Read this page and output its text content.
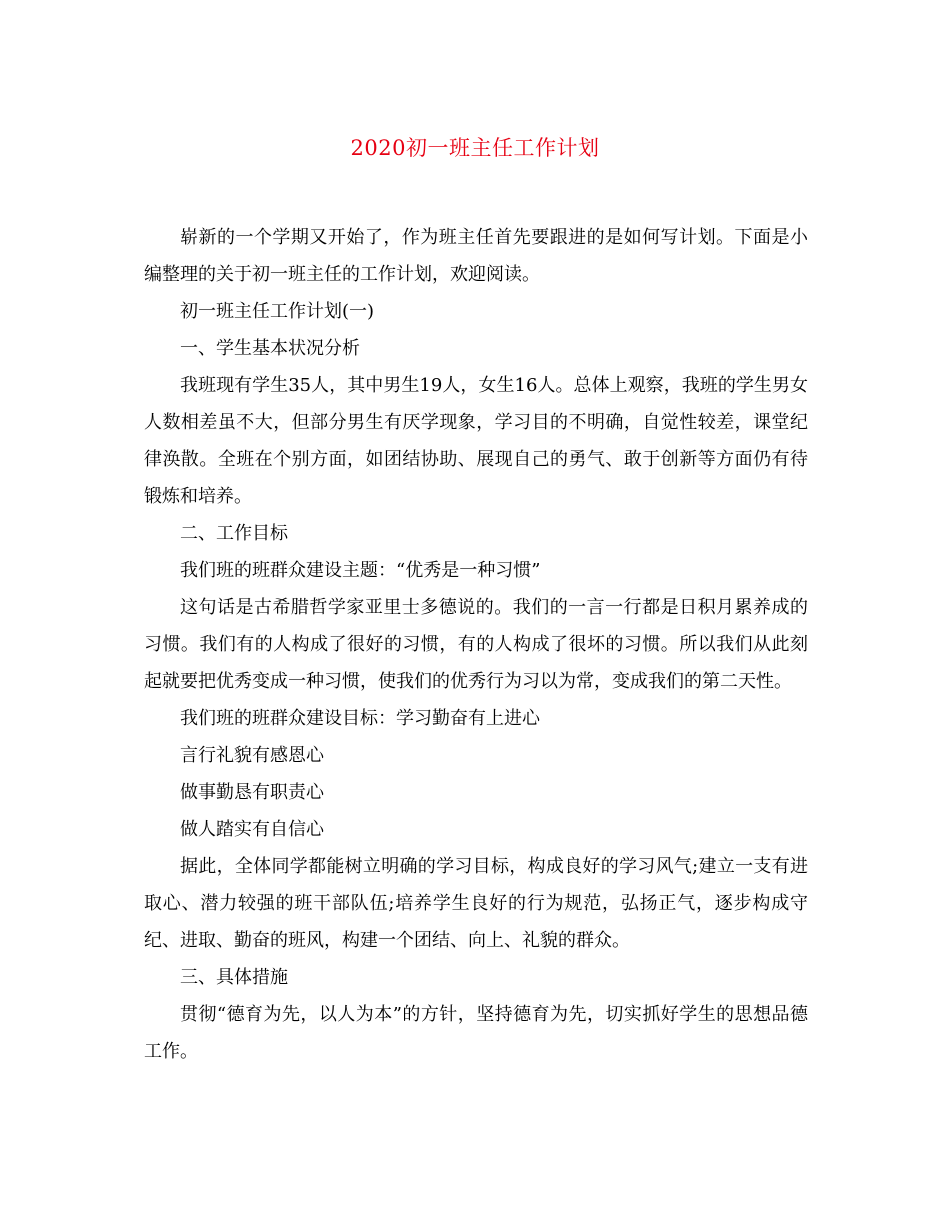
2020初一班主任工作计划

崭新的一个学期又开始了，作为班主任首先要跟进的是如何写计划。下面是小编整理的关于初一班主任的工作计划，欢迎阅读。

初一班主任工作计划(一)

一、学生基本状况分析

我班现有学生35人，其中男生19人，女生16人。总体上观察，我班的学生男女人数相差虽不大，但部分男生有厌学现象，学习目的不明确，自觉性较差，课堂纪律涣散。全班在个别方面，如团结协助、展现自己的勇气、敢于创新等方面仍有待锻炼和培养。

二、工作目标

我们班的班群众建设主题：“优秀是一种习惯”

这句话是古希腊哲学家亚里士多德说的。我们的一言一行都是日积月累养成的习惯。我们有的人构成了很好的习惯，有的人构成了很坏的习惯。所以我们从此刻起就要把优秀变成一种习惯，使我们的优秀行为习以为常，变成我们的第二天性。

我们班的班群众建设目标：学习勤奋有上进心

言行礼貌有感恩心

做事勤恳有职责心

做人踏实有自信心

据此，全体同学都能树立明确的学习目标，构成良好的学习风气;建立一支有进取心、潜力较强的班干部队伍;培养学生良好的行为规范，弘扬正气，逐步构成守纪、进取、勤奋的班风，构建一个团结、向上、礼貌的群众。

三、具体措施

贯彻“德育为先，以人为本”的方针，坚持德育为先，切实抓好学生的思想品德工作。
